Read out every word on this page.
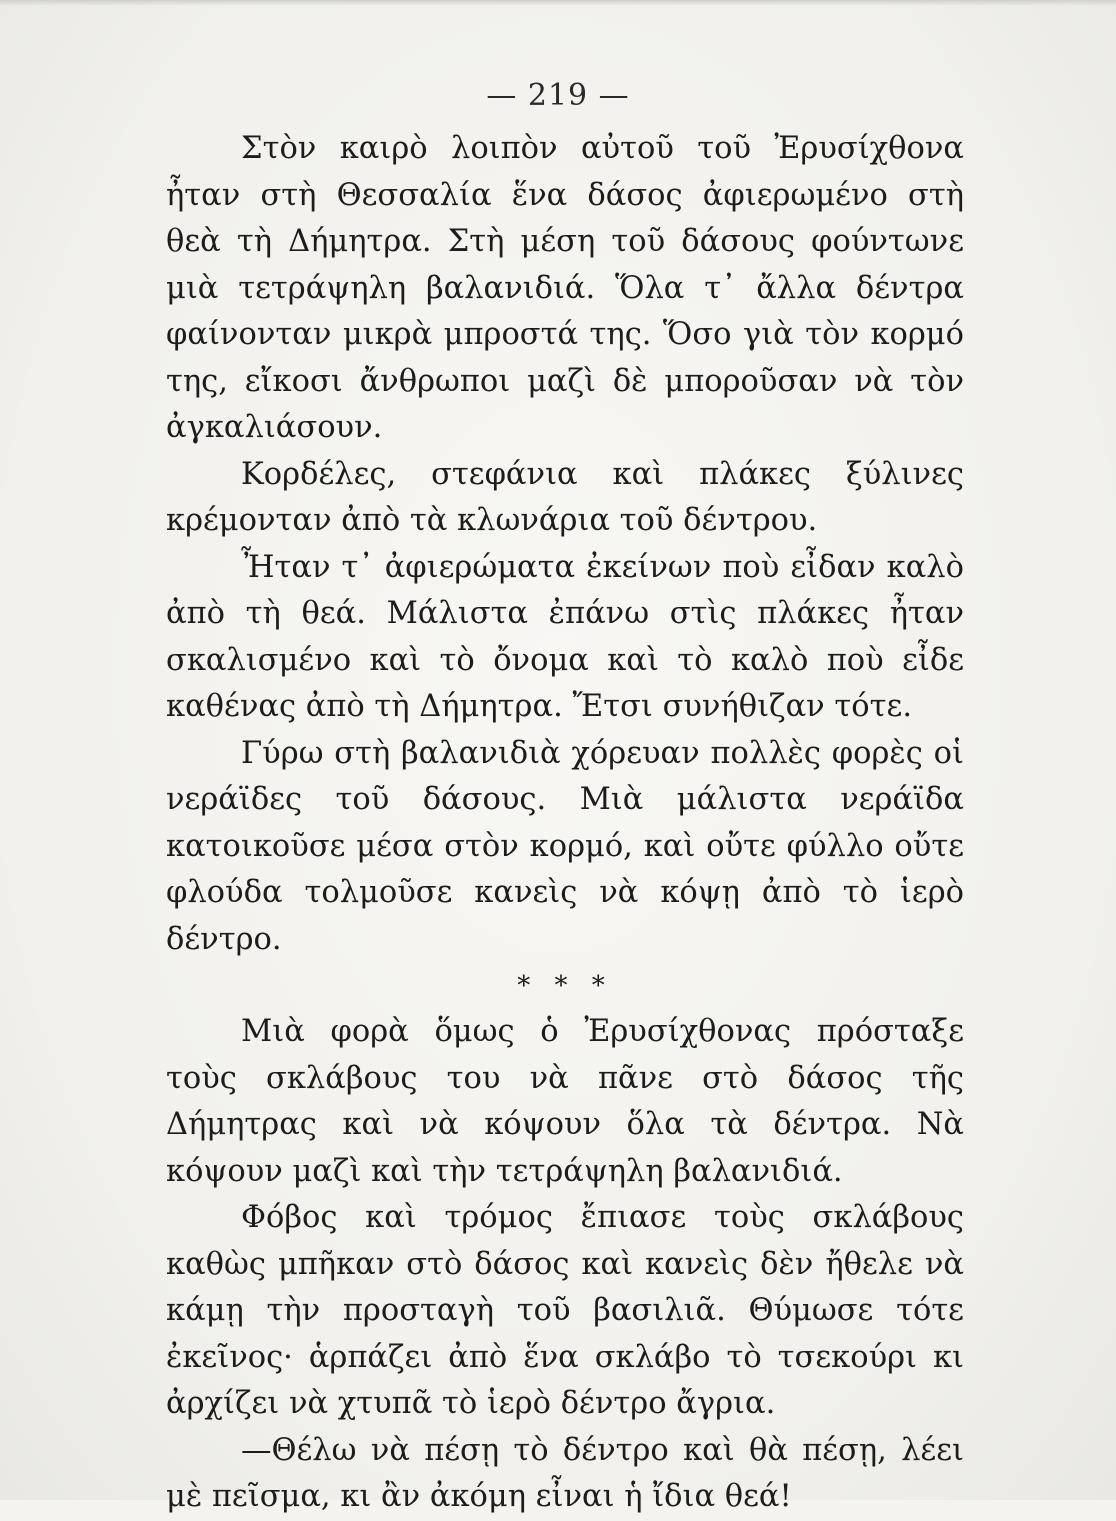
— 219 —

Στὸν καιρὸ λοιπὸν αὐτοῦ τοῦ Ἐρυσίχθονα ἦταν στὴ Θεσσαλία ἕνα δάσος ἀφιερωμένο στὴ θεὰ τὴ Δήμητρα. Στὴ μέση τοῦ δάσους φούντωνε μιὰ τετράψηλη βαλανιδιά. Ὅλα τ᾿ ἄλλα δέντρα φαίνονταν μικρὰ μπροστά της. Ὅσο γιὰ τὸν κορμό της, εἴκοσι ἄνθρωποι μαζὶ δὲ μποροῦσαν νὰ τὸν ἀγκαλιάσουν.

Κορδέλες, στεφάνια καὶ πλάκες ξύλινες κρέμονταν ἀπὸ τὰ κλωνάρια τοῦ δέντρου.

Ἦταν τ᾿ ἀφιερώματα ἐκείνων ποὺ εἶδαν καλὸ ἀπὸ τὴ θεά. Μάλιστα ἐπάνω στὶς πλάκες ἦταν σκαλισμένο καὶ τὸ ὄνομα καὶ τὸ καλὸ ποὺ εἶδε καθένας ἀπὸ τὴ Δήμητρα. Ἔτσι συνήθιζαν τότε.

Γύρω στὴ βαλανιδιὰ χόρευαν πολλὲς φορὲς οἱ νεράϊδες τοῦ δάσους. Μιὰ μάλιστα νεράϊδα κατοικοῦσε μέσα στὸν κορμό, καὶ οὔτε φύλλο οὔτε φλούδα τολμοῦσε κανεὶς νὰ κόψῃ ἀπὸ τὸ ἱερὸ δέντρο.

* * *

Μιὰ φορὰ ὅμως ὁ Ἐρυσίχθονας πρόσταξε τοὺς σκλάβους του νὰ πᾶνε στὸ δάσος τῆς Δήμητρας καὶ νὰ κόψουν ὅλα τὰ δέντρα. Νὰ κόψουν μαζὶ καὶ τὴν τετράψηλη βαλανιδιά.

Φόβος καὶ τρόμος ἔπιασε τοὺς σκλάβους καθὼς μπῆκαν στὸ δάσος καὶ κανεὶς δὲν ἤθελε νὰ κάμῃ τὴν προσταγὴ τοῦ βασιλιᾶ. Θύμωσε τότε ἐκεῖνος· ἁρπάζει ἀπὸ ἕνα σκλάβο τὸ τσεκούρι κι ἀρχίζει νὰ χτυπᾶ τὸ ἱερὸ δέντρο ἄγρια.

—Θέλω νὰ πέσῃ τὸ δέντρο καὶ θὰ πέσῃ, λέει μὲ πεῖσμα, κι ἂν ἀκόμη εἶναι ἡ ἴδια θεά!
